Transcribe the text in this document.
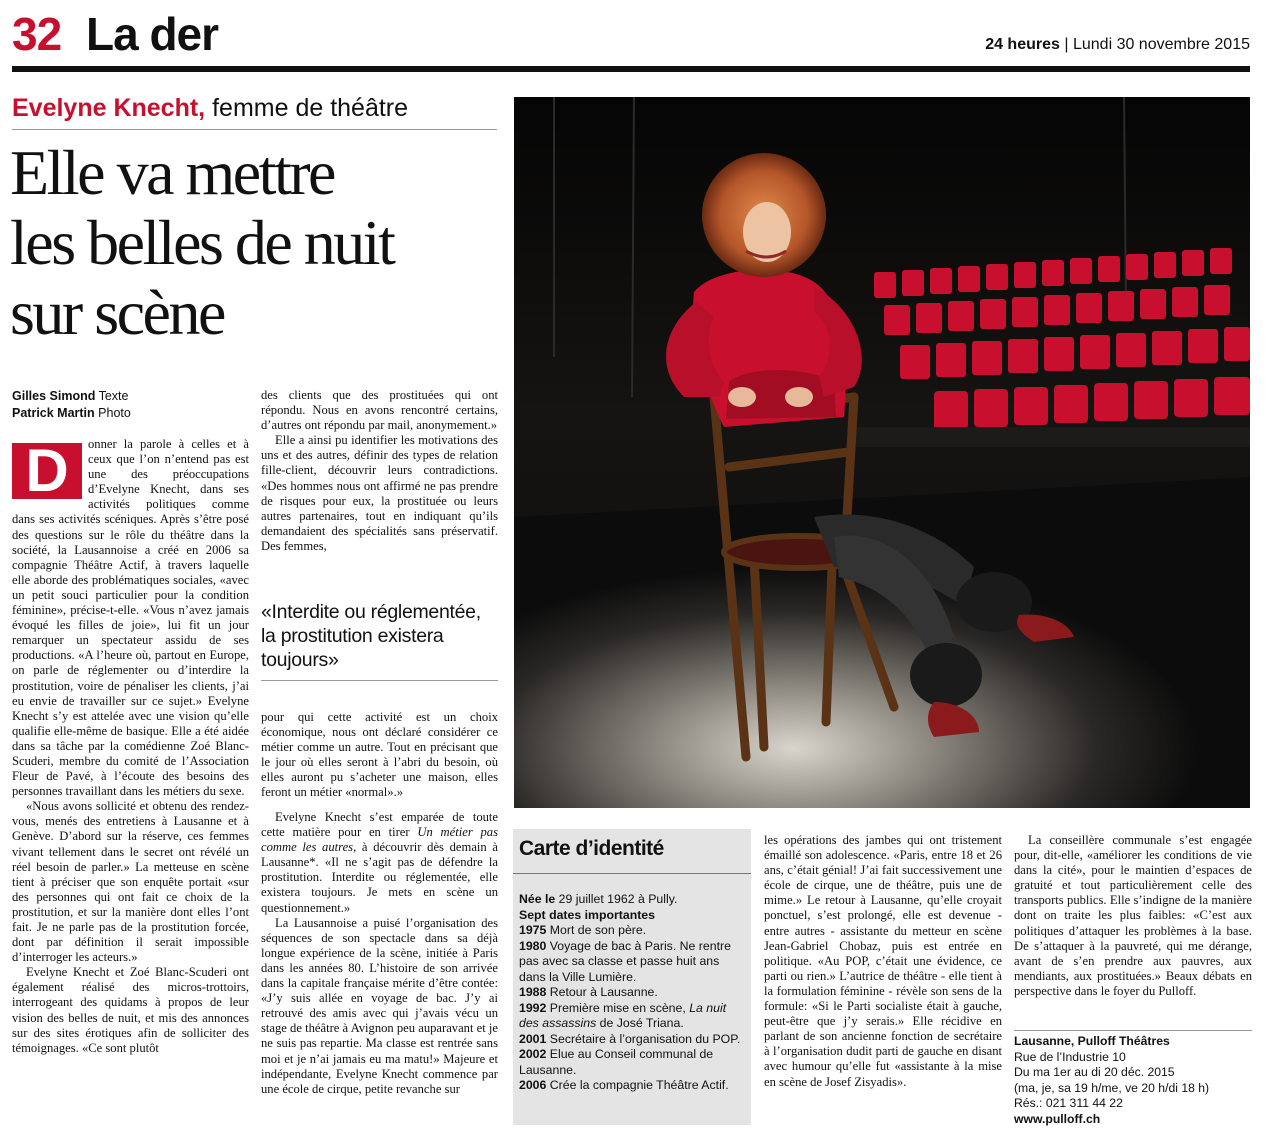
32 La der	24 heures | Lundi 30 novembre 2015
Evelyne Knecht, femme de théâtre
Elle va mettre
les belles de nuit
sur scène
Gilles Simond Texte
Patrick Martin Photo

D	onner la parole à celles et à ceux que l’on n’entend pas est une des préoccupations d’Evelyne Knecht, dans ses activités politiques comme dans ses activités scéniques. Après s’être posé des questions sur le rôle du théâtre dans la société, la Lausannoise a créé en 2006 sa compagnie Théâtre Actif, à travers laquelle elle aborde des problématiques sociales, «avec un petit souci particulier pour la condition féminine», précise-t-elle. «Vous n’avez jamais évoqué les filles de joie», lui fit un jour remarquer un spectateur assidu de ses productions. «A l’heure où, partout en Europe, on parle de réglementer ou d’interdire la prostitution, voire de pénaliser les clients, j’ai eu envie de travailler sur ce sujet.» Evelyne Knecht s’y est attelée avec une vision qu’elle qualifie elle-même de basique. Elle a été aidée dans sa tâche par la comédienne Zoé Blanc-Scuderi, membre du comité de l’Association Fleur de Pavé, à l’écoute des besoins des personnes travaillant dans les métiers du sexe.

«Nous avons sollicité et obtenu des rendez-vous, menés des entretiens à Lausanne et à Genève. D’abord sur la réserve, ces femmes vivant tellement dans le secret ont révélé un réel besoin de parler.» La metteuse en scène tient à préciser que son enquête portait «sur des personnes qui ont fait ce choix de la prostitution, et sur la manière dont elles l’ont fait. Je ne parle pas de la prostitution forcée, dont par définition il serait impossible d’interroger les acteurs.»

Evelyne Knecht et Zoé Blanc-Scuderi ont également réalisé des micros-trottoirs, interrogeant des quidams à propos de leur vision des belles de nuit, et mis des annonces sur des sites érotiques afin de solliciter des témoignages. «Ce sont plutôt

des clients que des prostituées qui ont répondu. Nous en avons rencontré certains, d’autres ont répondu par mail, anonymement.»

Elle a ainsi pu identifier les motivations des uns et des autres, définir des types de relation fille-client, découvrir leurs contradictions. «Des hommes nous ont affirmé ne pas prendre de risques pour eux, la prostituée ou leurs autres partenaires, tout en indiquant qu’ils demandaient des spécialités sans préservatif. Des femmes,

«Interdite ou réglementée, la prostitution existera toujours»

pour qui cette activité est un choix économique, nous ont déclaré considérer ce métier comme un autre. Tout en précisant que le jour où elles seront à l’abri du besoin, où elles auront pu s’acheter une maison, elles feront un métier «normal».»

Evelyne Knecht s’est emparée de toute cette matière pour en tirer Un métier pas comme les autres, à découvrir dès demain à Lausanne*. «Il ne s’agit pas de défendre la prostitution. Interdite ou réglementée, elle existera toujours. Je mets en scène un questionnement.»

La Lausannoise a puisé l’organisation des séquences de son spectacle dans sa déjà longue expérience de la scène, initiée à Paris dans les années 80. L’histoire de son arrivée dans la capitale française mérite d’être contée: «J’y suis allée en voyage de bac. J’y ai retrouvé des amis avec qui j’avais vécu un stage de théâtre à Avignon peu auparavant et je ne suis pas repartie. Ma classe est rentrée sans moi et je n’ai jamais eu ma matu!» Majeure et indépendante, Evelyne Knecht commence par une école de cirque, petite revanche sur

Carte d’identité
Née le 29 juillet 1962 à Pully.
Sept dates importantes
1975 Mort de son père.
1980 Voyage de bac à Paris. Ne rentre pas avec sa classe et passe huit ans dans la Ville Lumière.
1988 Retour à Lausanne.
1992 Première mise en scène, La nuit des assassins de José Triana.
2001 Secrétaire à l’organisation du POP.
2002 Elue au Conseil communal de Lausanne.
2006 Crée la compagnie Théâtre Actif.

les opérations des jambes qui ont tristement émaillé son adolescence. «Paris, entre 18 et 26 ans, c’était génial! J’ai fait successivement une école de cirque, une de théâtre, puis une de mime.» Le retour à Lausanne, qu’elle croyait ponctuel, s’est prolongé, elle est devenue - entre autres - assistante du metteur en scène Jean-Gabriel Chobaz, puis est entrée en politique. «Au POP, c’était une évidence, ce parti ou rien.» L’autrice de théâtre - elle tient à la formulation féminine - révèle son sens de la formule: «Si le Parti socialiste était à gauche, peut-être que j’y serais.» Elle récidive en parlant de son ancienne fonction de secrétaire à l’organisation dudit parti de gauche en disant avec humour qu’elle fut «assistante à la mise en scène de Josef Zisyadis».

La conseillère communale s’est engagée pour, dit-elle, «améliorer les conditions de vie dans la cité», pour le maintien d’espaces de gratuité et tout particulièrement celle des transports publics. Elle s’indigne de la manière dont on traite les plus faibles: «C’est aux politiques d’attaquer les problèmes à la base. De s’attaquer à la pauvreté, qui me dérange, avant de s’en prendre aux pauvres, aux mendiants, aux prostituées.» Beaux débats en perspective dans le foyer du Pulloff.

Lausanne, Pulloff Théâtres
Rue de l’Industrie 10
Du ma 1er au di 20 déc. 2015
(ma, je, sa 19 h/me, ve 20 h/di 18 h)
Rés.: 021 311 44 22
www.pulloff.ch
